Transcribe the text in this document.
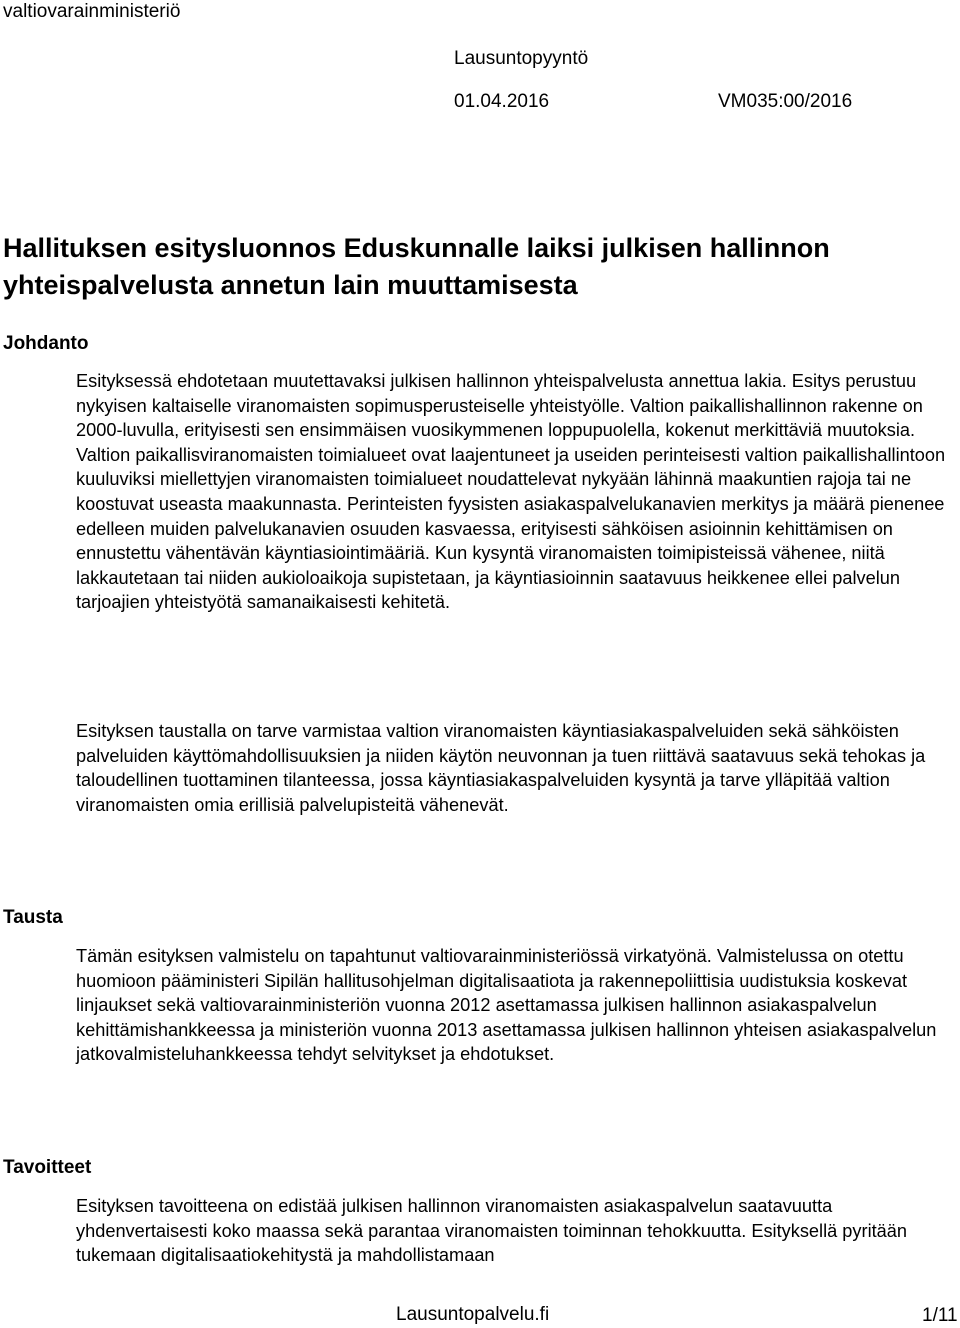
valtiovarainministeriö
Lausuntopyyntö
01.04.2016	VM035:00/2016
Hallituksen esitysluonnos Eduskunnalle laiksi julkisen hallinnon yhteispalvelusta annetun lain muuttamisesta
Johdanto

Esityksessä ehdotetaan muutettavaksi julkisen hallinnon yhteispalvelusta annettua lakia. Esitys perustuu nykyisen kaltaiselle viranomaisten sopimusperusteiselle yhteistyölle. Valtion paikallishallinnon rakenne on 2000-luvulla, erityisesti sen ensimmäisen vuosikymmenen loppupuolella, kokenut merkittäviä muutoksia. Valtion paikallisviranomaisten toimialueet ovat laajentuneet ja useiden perinteisesti valtion paikallishallintoon kuuluviksi miellettyjen viranomaisten toimialueet noudattelevat nykyään lähinnä maakuntien rajoja tai ne koostuvat useasta maakunnasta. Perinteisten fyysisten asiakaspalvelukanavien merkitys ja määrä pienenee edelleen muiden palvelukanavien osuuden kasvaessa, erityisesti sähköisen asioinnin kehittämisen on ennustettu vähentävän käyntiasiointimääriä. Kun kysyntä viranomaisten toimipisteissä vähenee, niitä lakkautetaan tai niiden aukioloaikoja supistetaan, ja käyntiasioinnin saatavuus heikkenee ellei palvelun tarjoajien yhteistyötä samanaikaisesti kehitetä.

Esityksen taustalla on tarve varmistaa valtion viranomaisten käyntiasiakaspalveluiden sekä sähköisten palveluiden käyttömahdollisuuksien ja niiden käytön neuvonnan ja tuen riittävä saatavuus sekä tehokas ja taloudellinen tuottaminen tilanteessa, jossa käyntiasiakaspalveluiden kysyntä ja tarve ylläpitää valtion viranomaisten omia erillisiä palvelupisteitä vähenevät.

Tausta

Tämän esityksen valmistelu on tapahtunut valtiovarainministeriössä virkatyönä. Valmistelussa on otettu huomioon pääministeri Sipilän hallitusohjelman digitalisaatiota ja rakennepoliittisia uudistuksia koskevat linjaukset sekä valtiovarainministeriön vuonna 2012 asettamassa julkisen hallinnon asiakaspalvelun kehittämishankkeessa ja ministeriön vuonna 2013 asettamassa julkisen hallinnon yhteisen asiakaspalvelun jatkovalmisteluhankkeessa tehdyt selvitykset ja ehdotukset.

Tavoitteet

Esityksen tavoitteena on edistää julkisen hallinnon viranomaisten asiakaspalvelun saatavuutta yhdenvertaisesti koko maassa sekä parantaa viranomaisten toiminnan tehokkuutta. Esityksellä pyritään tukemaan digitalisaatiokehitystä ja mahdollistamaan

Lausuntopalvelu.fi	1/11
